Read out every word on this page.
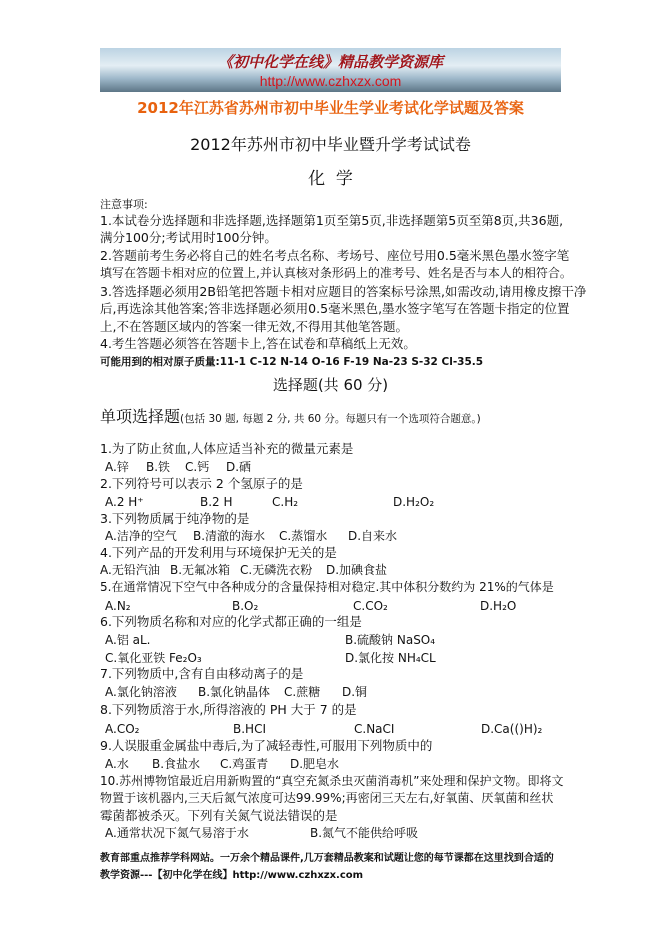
《初中化学在线》精品教学资源库
http://www.czhxzx.com
2012年江苏省苏州市初中毕业生学业考试化学试题及答案
2012年苏州市初中毕业暨升学考试试卷
化  学
注意事项:
1.本试卷分选择题和非选择题,选择题第1页至第5页,非选择题第5页至第8页,共36题,
满分100分;考试用时100分钟。
2.答题前考生务必将自己的姓名考点名称、考场号、座位号用0.5毫米黑色墨水签字笔
填写在答题卡相对应的位置上,并认真核对条形码上的准考号、姓名是否与本人的相符合。
3.答选择题必须用2B铅笔把答题卡相对应题目的答案标号涂黑,如需改动,请用橡皮擦干净
后,再选涂其他答案;答非选择题必须用0.5毫米黑色,墨水签字笔写在答题卡指定的位置
上,不在答题区域内的答案一律无效,不得用其他笔答题。
4.考生答题必须答在答题卡上,答在试卷和草稿纸上无效。
可能用到的相对原子质量:11-1 C-12 N-14 O-16 F-19 Na-23 S-32 Cl-35.5
选择题(共 60 分)
单项选择题(包括 30 题, 每题 2 分, 共 60 分。每题只有一个选项符合题意。)
1.为了防止贫血,人体应适当补充的微量元素是
A.锌 B.铁 C.钙 D.硒
2.下列符号可以表示 2 个氢原子的是
A.2 H⁺	B.2 H	C.H₂	D.H₂O₂
3.下列物质属于纯净物的是
A.洁净的空气 B.清澈的海水 C.蒸馏水 D.自来水
4.下列产品的开发利用与环境保护无关的是
A.无铅汽油 B.无氟冰箱 C.无磷洗衣粉 D.加碘食盐
5.在通常情况下空气中各种成分的含量保持相对稳定.其中体积分数约为 21%的气体是
A.N₂	B.O₂	C.CO₂	D.H₂O
6.下列物质名称和对应的化学式都正确的一组是
A.铝 aL.	B.硫酸钠 NaSO₄
C.氧化亚铁 Fe₂O₃	D.氯化按 NH₄CL
7.下列物质中,含有自由移动离子的是
A.氯化钠溶液 B.氯化钠晶体 C.蔗糖 D.铜
8.下列物质溶于水,所得溶液的 PH 大于 7 的是
A.CO₂	B.HCI	C.NaCI	D.Ca(()H)₂
9.人误服重金属盐中毒后,为了减轻毒性,可服用下列物质中的
A.水 B.食盐水 C.鸡蛋青 D.肥皂水
10.苏州博物馆最近启用新购置的“真空充氮杀虫灭菌消毒机”来处理和保护文物。即将文
物置于该机器内,三天后氮气浓度可达99.99%;再密闭三天左右,好氧菌、厌氧菌和丝状
霉菌都被杀灭。下列有关氮气说法错误的是
A.通常状况下氮气易溶于水	B.氮气不能供给呼吸
教育部重点推荐学科网站。一万余个精品课件,几万套精品教案和试题让您的每节课都在这里找到合适的
教学资源---【初中化学在线】http://www.czhxzx.com
